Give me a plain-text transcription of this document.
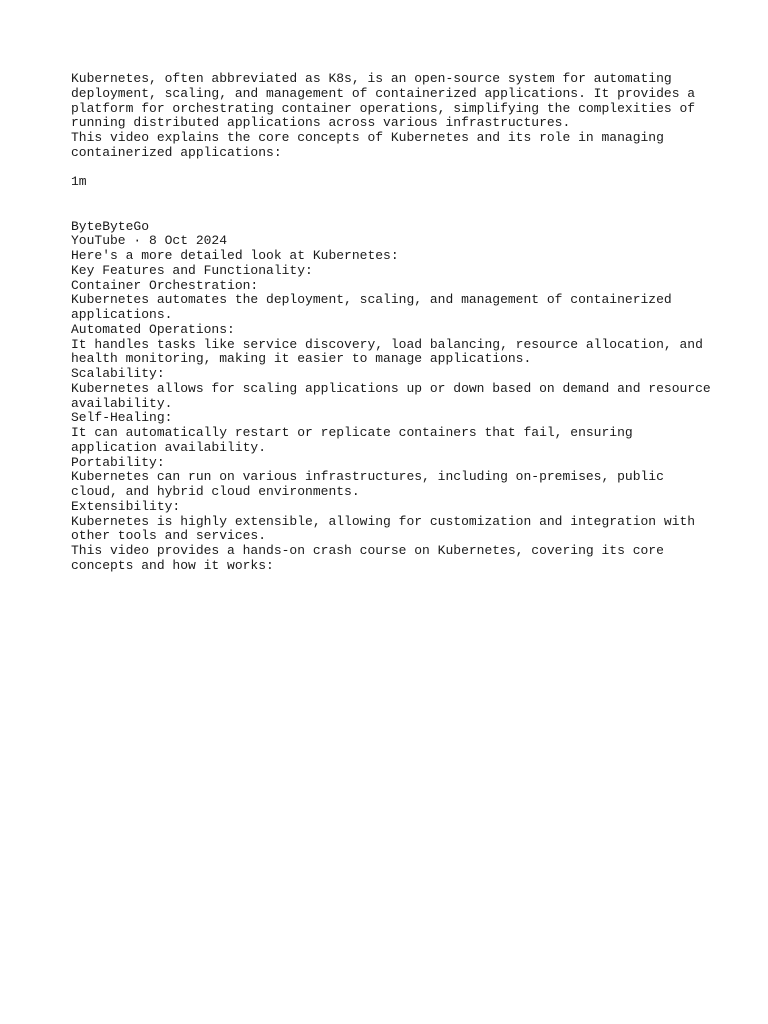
Kubernetes, often abbreviated as K8s, is an open-source system for automating deployment, scaling, and management of containerized applications. It provides a platform for orchestrating container operations, simplifying the complexities of running distributed applications across various infrastructures.

This video explains the core concepts of Kubernetes and its role in managing containerized applications:

1m

ByteByteGo

YouTube · 8 Oct 2024

Here's a more detailed look at Kubernetes:

Key Features and Functionality:

Container Orchestration:

Kubernetes automates the deployment, scaling, and management of containerized applications.

Automated Operations:

It handles tasks like service discovery, load balancing, resource allocation, and health monitoring, making it easier to manage applications.

Scalability:

Kubernetes allows for scaling applications up or down based on demand and resource availability.

Self-Healing:

It can automatically restart or replicate containers that fail, ensuring application availability.

Portability:

Kubernetes can run on various infrastructures, including on-premises, public cloud, and hybrid cloud environments.

Extensibility:

Kubernetes is highly extensible, allowing for customization and integration with other tools and services.

This video provides a hands-on crash course on Kubernetes, covering its core concepts and how it works:
